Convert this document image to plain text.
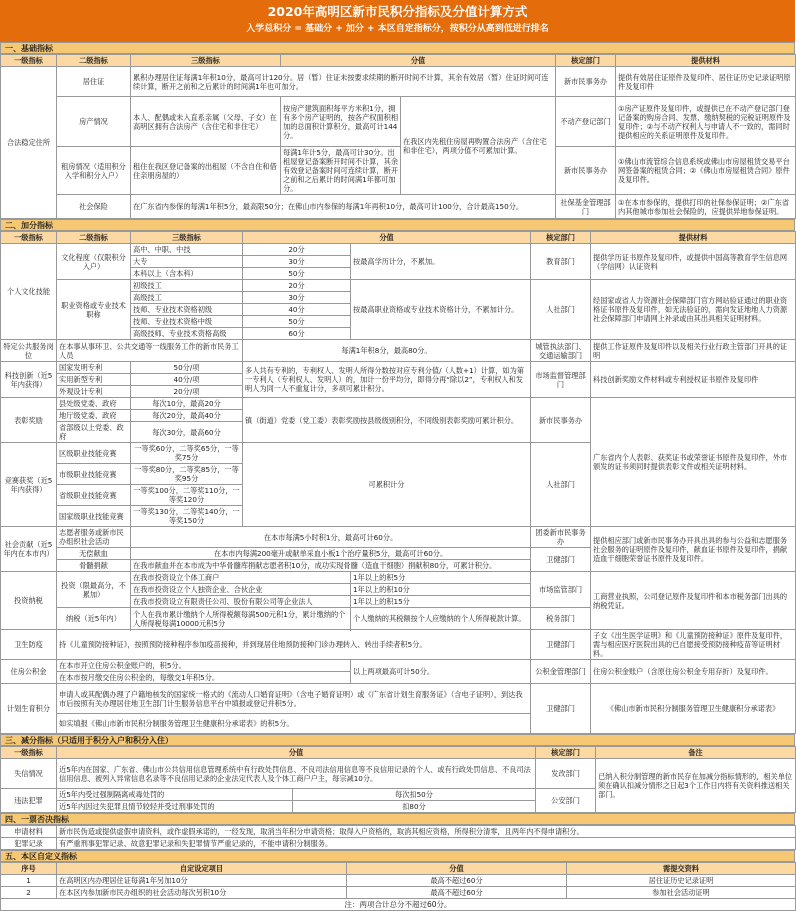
2020年高明区新市民积分指标及分值计算方式
入学总积分 = 基础分 + 加分 + 本区自定指标分，按积分从高到低进行排名
一、基础指标
一级指标	二级指标	三级指标	分值		核定部门	提供材料
合法稳定住所	居住证	累积办理居住证每满1年积10分，最高可计120分。居（暂）住证未按要求续期的断开时间不计算，其余有效居（暂）住证时间可连续计算，断开之前和之后累计的时间满1年也可加分。			新市民事务办	提供有效居住证原件及复印件、居住证历史记录证明原件及复印件
	房产情况	本人、配偶或未入直系亲属（父母、子女）在高明区拥有合法房产（含住宅和非住宅）	按房产建筑面积每平方米积1分，拥有多个房产证明的，按各产权面积相加的总面积计算积分，最高可计144分。	在我区内先租住房屋再购置合法房产（含住宅和非住宅），两项分值不可累加计算。	不动产登记部门	①房产证原件及复印件，或提供已在不动产登记部门登记备案的购房合同、发票、缴纳契税的完税证明原件及复印件；②与不动产权利人与申请人不一致的，需同时提供相应的关系证明原件及复印件。
	租房情况（适用积分入学和积分入户）	租住在我区登记备案的出租屋（不含自住和借住亲朋房屋的）	每满1年计5分，最高可计30分。出租屋登记备案断开时间不计算，其余有效登记备案时间可连续计算，断开之前和之后累计的时间满1年都可加分。		新市民事务办	①佛山市流管综合信息系统或佛山市房屋租赁交易平台网签备案的租赁合同；②《佛山市房屋租赁合同》原件及复印件。
	社会保险	在广东省内参保的每满1年积5分，最高限50分；在佛山市内参保的每满1年再积10分，最高可计100分，合计最高150分。			社保基金管理部门	①在本市参保的，提供打印的社保参保证明；②广东省内其他城市参加社会保险的，应提供异地参保证明。
二、加分指标
一级指标	二级指标	三级指标	分值		核定部门	提供材料
个人文化技能	文化程度（仅限积分入户）	高中、中职、中技	20分	按最高学历计分，不累加。	教育部门	提供学历证书原件及复印件，或提供中国高等教育学生信息网（学信网）认证资料
		大专	30分			
		本科以上（含本科）	50分			
	职业资格或专业技术职称	初级技工	20分	按最高职业资格或专业技术资格计分，不累加计分。	人社部门	经国家或省人力资源社会保障部门官方网站验证通过的职业资格证书原件及复印件，如无法验证的，需向发证地地人力资源社会保障部门申请网上补录或由其出具相关证明材料。
		高级技工	30分			
		技师、专业技术资格初级	40分			
		技师、专业技术资格中级	50分			
		高级技师、专业技术资格高级	60分			
特定公共服务岗位	在本事从事环卫、公共交通等一线服务工作的新市民务工人员		每满1年积8分，最高80分。		城管执法部门、交通运输部门	提供工作证原件及复印件以及相关行业行政主管部门开具的证明
科技创新（近5年内获得）	国家发明专利	50分/项	多人共有专利的，专利权人、发明人所得分数按对应专利分值/（人数+1）计算，如为第一专利人（专利权人、发明人）的，加计一份平均分，即得分再“除以2”，专利权人和发明人为同一人不重复计分，多项可累计积分。		市场监督管理部门	科技创新奖励文件材料或专利授权证书原件及复印件
	实用新型专利	40分/项				
	外观设计专利	20分/项				
表彰奖励	县处级党委、政府	每次10分，最高20分	镇（街道）党委（党工委）表彰奖励按县级级别积分，不同级别表彰奖励可累计积分。		新市民事务办	广东省内个人表彰、获奖证书或荣誉证书原件及复印件，外市颁发的证书须同时提供表彰文件或相关证明材料。
	地厅级党委、政府	每次20分，最高40分				
	省部级以上党委、政府	每次30分，最高60分				
竞赛获奖（近5年内获得）	区级职业技能竞赛	一等奖60分，二等奖65分，一等奖75分	可累积计分		人社部门	
	市级职业技能竞赛	一等奖80分，二等奖85分，一等奖95分				
	省级职业技能竞赛	一等奖100分，二等奖110分，一等奖120分				
	国家级职业技能竞赛	一等奖130分，二等奖140分，一等奖150分				
社会贡献（近5年内在本市内）	志愿者服务或新市民办组织社会活动	在本市每满5小时积1分，最高可计60分。			团委新市民事务办	提供相应部门或新市民事务办开具出具的参与公益和志愿服务社会服务的证明原件及复印件，献血证书原件及复印件，捐献造血干细胞荣誉证书原件及复印件。
	无偿献血	在本市内每满200毫升或献单采血小板1个治疗量积5分，最高可计60分。			卫健部门	
	骨髓捐献	在我市献血并在本市成为中华骨髓库捐献志愿者积10分，成功实现骨髓（造血干细胞）捐献积80分，可累计积分。				
投资纳税	投资（限最高分，不累加）	在我市投资设立个体工商户		1年以上的积5分	市场监管部门	工商营业执照，公司登记原件及复印件和本市税务部门出具的纳税凭证。
		在我市投资设立个人独资企业、合伙企业		1年以上的积10分		
		在我市投资设立有限责任公司、股份有限公司等企业法人		1年以上的积15分		
	纳税（近5年内）	个人在我市累计缴纳个人所得税额每满500元积1分，累计缴纳的个人所得税每满10000元积5分		个人缴纳的其税额按个人应缴纳的个人所得税款计算。	税务部门	

卫生防疫	持《儿童预防接种证》，按照预防接种程序参加疫苗接种，并到现居住地预防接种门诊办理转入、转出手续者积5分。				卫健部门	子女《出生医学证明》和《儿童预防接种证》原件及复印件，需与相应医疗医院出具的已自愿接受预防接种疫苗等证明材料。
住房公积金	在本市开立住房公积金账户的，积5分。			以上两项最高可计50分。	公积金管理部门	住房公积金账户（含原住房公积金专用存折）及复印件。
	在本市按月缴交住房公积金的，每缴交1年积5分。					
计划生育积分	申请人或其配偶办理了户籍地核发的国家统一格式的《流动人口婚育证明》（含电子婚育证明）或《广东省计划生育服务证》（含电子证明），到达我市后按照有关办理居住地卫生部门计生服务信息平台中填报或登记并积5分。				卫健部门	《佛山市新市民积分制服务管理卫生健康积分承诺表》
	如实填报《佛山市新市民积分制服务管理卫生健康积分承诺表》的积5分。					
三、减分指标（只适用于积分入户和积分入住）
一级指标	分值		核定部门	备注
失信情况	近5年内在国家、广东省、佛山市公共信用信息管理系统中有行政处罚信息、不良司法信用信息等不良信用记录的个人、或有行政处罚信息、不良司法信用信息、被列入异常信息名录等不良信用记录的企业法定代表人及个体工商户户主，每宗减10分。		发改部门	已纳入积分制管理的新市民存在加减分指标情形的，相关单位须在确认扣减分情形之日起3个工作日内将有关资料推送相关部门。
违法犯罪	近5年内受过强制隔离戒毒处罚的	每次扣50分	公安部门	
	近5年内因过失犯罪且情节较轻并受过刑事处罚的	扣80分		
四、一票否决指标
申请材料	新市民伪造或提供虚假申请资料，或作虚假承诺的，一经发现，取消当年积分申请资格；取得入户资格的，取消其相应资格，所得积分清零，且两年内不得申请积分。
犯罪记录	有严重刑事犯罪记录、故意犯罪记录和失犯罪情节严重记录的，不能申请积分制服务。
五、本区自定义指标
序号	自定设定项目	分值	需提交资料
1	在高明区内办理居住证每满1年另加10分	最高不超过60分	居住证历史记录证明
2	在本区内参加新市民办组织的社会活动每次另积10分	最高不超过60分	参加社会活动证明
注：两项合计总分不超过60分。			
